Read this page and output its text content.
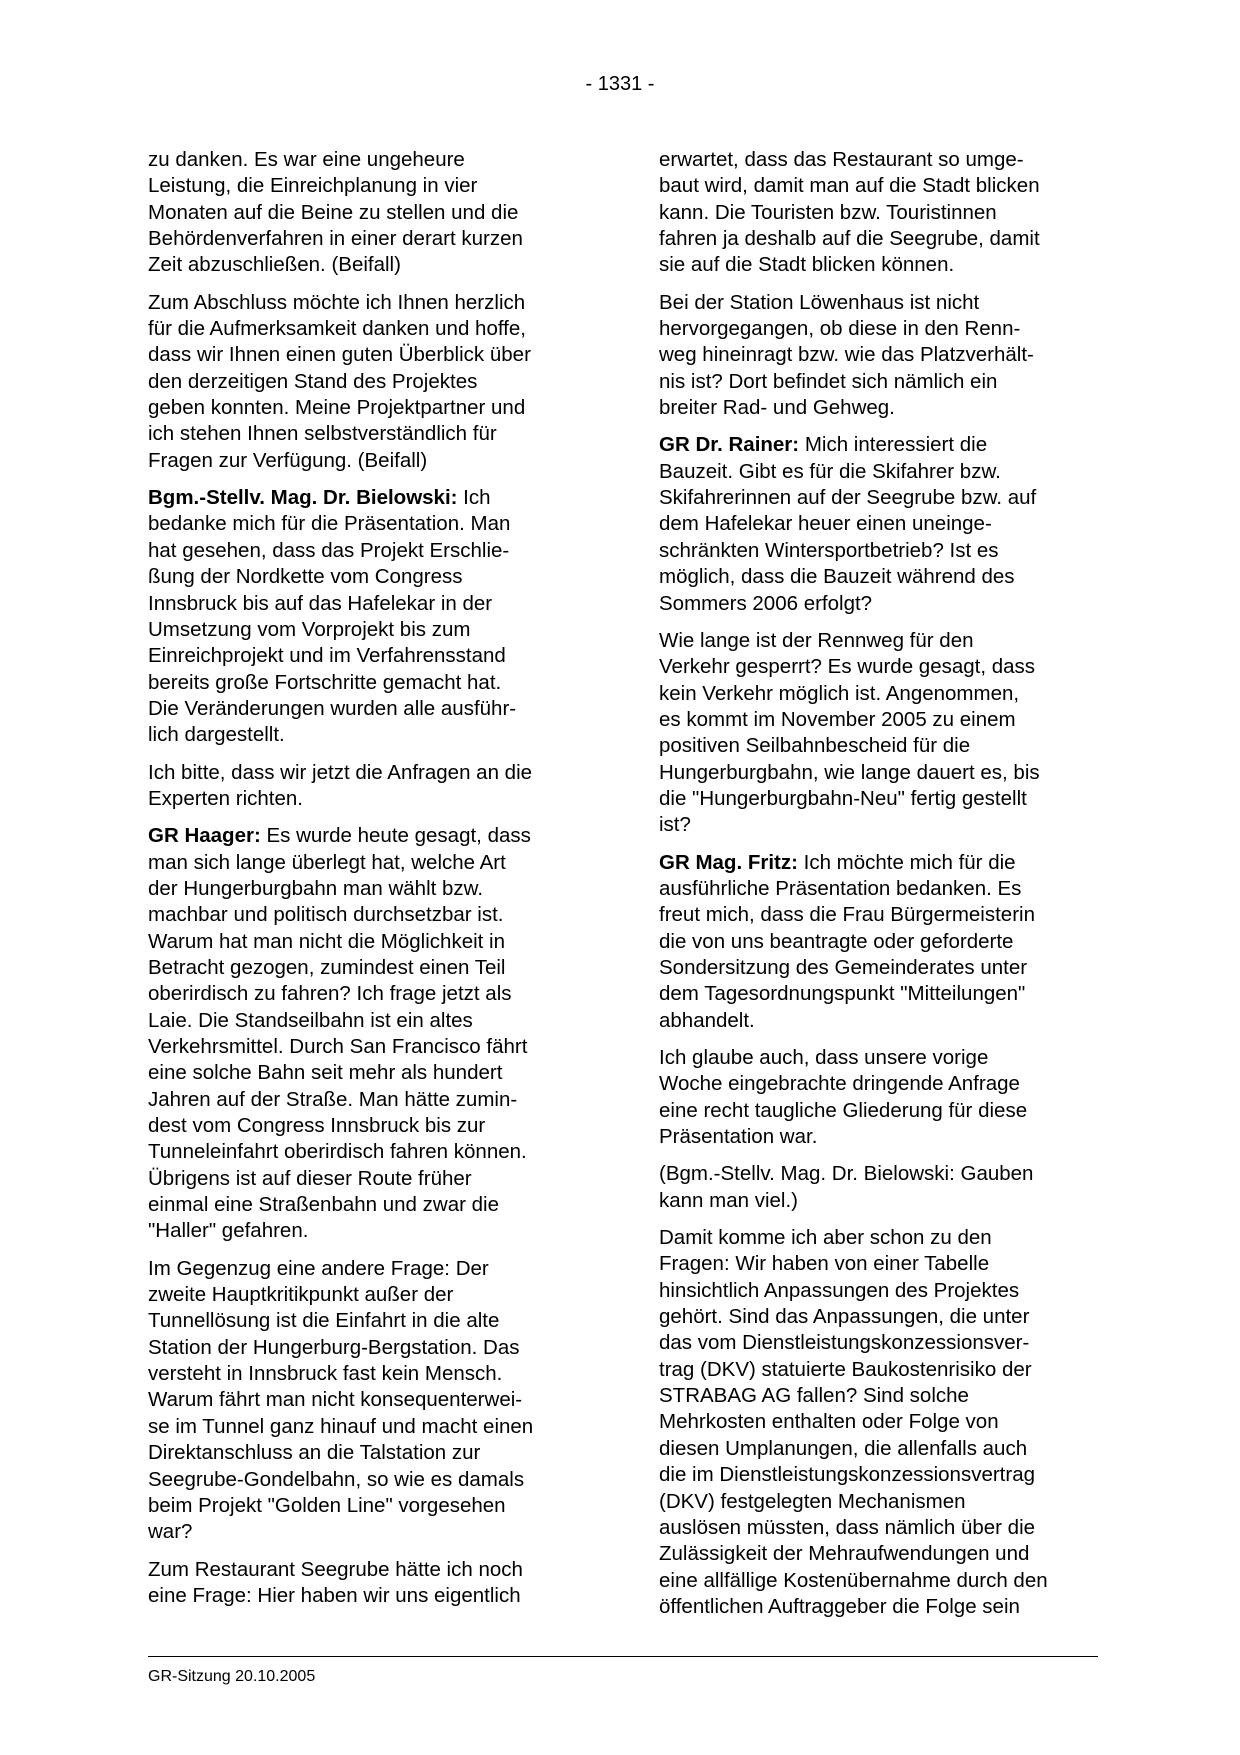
- 1331 -
zu danken. Es war eine ungeheure
Leistung, die Einreichplanung in vier
Monaten auf die Beine zu stellen und die
Behördenverfahren in einer derart kurzen
Zeit abzuschließen. (Beifall)
Zum Abschluss möchte ich Ihnen herzlich
für die Aufmerksamkeit danken und hoffe,
dass wir Ihnen einen guten Überblick über
den derzeitigen Stand des Projektes
geben konnten. Meine Projektpartner und
ich stehen Ihnen selbstverständlich für
Fragen zur Verfügung. (Beifall)
Bgm.-Stellv. Mag. Dr. Bielowski: Ich
bedanke mich für die Präsentation. Man
hat gesehen, dass das Projekt Erschlie-
ßung der Nordkette vom Congress
Innsbruck bis auf das Hafelekar in der
Umsetzung vom Vorprojekt bis zum
Einreichprojekt und im Verfahrensstand
bereits große Fortschritte gemacht hat.
Die Veränderungen wurden alle ausführ-
lich dargestellt.
Ich bitte, dass wir jetzt die Anfragen an die
Experten richten.
GR Haager: Es wurde heute gesagt, dass
man sich lange überlegt hat, welche Art
der Hungerburgbahn man wählt bzw.
machbar und politisch durchsetzbar ist.
Warum hat man nicht die Möglichkeit in
Betracht gezogen, zumindest einen Teil
oberirdisch zu fahren? Ich frage jetzt als
Laie. Die Standseilbahn ist ein altes
Verkehrsmittel. Durch San Francisco fährt
eine solche Bahn seit mehr als hundert
Jahren auf der Straße. Man hätte zumin-
dest vom Congress Innsbruck bis zur
Tunneleinfahrt oberirdisch fahren können.
Übrigens ist auf dieser Route früher
einmal eine Straßenbahn und zwar die
"Haller" gefahren.
Im Gegenzug eine andere Frage: Der
zweite Hauptkritikpunkt außer der
Tunnellösung ist die Einfahrt in die alte
Station der Hungerburg-Bergstation. Das
versteht in Innsbruck fast kein Mensch.
Warum fährt man nicht konsequenterwei-
se im Tunnel ganz hinauf und macht einen
Direktanschluss an die Talstation zur
Seegrube-Gondelbahn, so wie es damals
beim Projekt "Golden Line" vorgesehen
war?
Zum Restaurant Seegrube hätte ich noch
eine Frage: Hier haben wir uns eigentlich
erwartet, dass das Restaurant so umge-
baut wird, damit man auf die Stadt blicken
kann. Die Touristen bzw. Touristinnen
fahren ja deshalb auf die Seegrube, damit
sie auf die Stadt blicken können.
Bei der Station Löwenhaus ist nicht
hervorgegangen, ob diese in den Renn-
weg hineinragt bzw. wie das Platzverhält-
nis ist? Dort befindet sich nämlich ein
breiter Rad- und Gehweg.
GR Dr. Rainer: Mich interessiert die
Bauzeit. Gibt es für die Skifahrer bzw.
Skifahrerinnen auf der Seegrube bzw. auf
dem Hafelekar heuer einen uneinge-
schränkten Wintersportbetrieb? Ist es
möglich, dass die Bauzeit während des
Sommers 2006 erfolgt?
Wie lange ist der Rennweg für den
Verkehr gesperrt? Es wurde gesagt, dass
kein Verkehr möglich ist. Angenommen,
es kommt im November 2005 zu einem
positiven Seilbahnbescheid für die
Hungerburgbahn, wie lange dauert es, bis
die "Hungerburgbahn-Neu" fertig gestellt
ist?
GR Mag. Fritz: Ich möchte mich für die
ausführliche Präsentation bedanken. Es
freut mich, dass die Frau Bürgermeisterin
die von uns beantragte oder geforderte
Sondersitzung des Gemeinderates unter
dem Tagesordnungspunkt "Mitteilungen"
abhandelt.
Ich glaube auch, dass unsere vorige
Woche eingebrachte dringende Anfrage
eine recht taugliche Gliederung für diese
Präsentation war.
(Bgm.-Stellv. Mag. Dr. Bielowski: Gauben
kann man viel.)
Damit komme ich aber schon zu den
Fragen: Wir haben von einer Tabelle
hinsichtlich Anpassungen des Projektes
gehört. Sind das Anpassungen, die unter
das vom Dienstleistungskonzessionsver-
trag (DKV) statuierte Baukostenrisiko der
STRABAG AG fallen? Sind solche
Mehrkosten enthalten oder Folge von
diesen Umplanungen, die allenfalls auch
die im Dienstleistungskonzessionsvertrag
(DKV) festgelegten Mechanismen
auslösen müssten, dass nämlich über die
Zulässigkeit der Mehraufwendungen und
eine allfällige Kostenübernahme durch den
öffentlichen Auftraggeber die Folge sein
GR-Sitzung 20.10.2005
